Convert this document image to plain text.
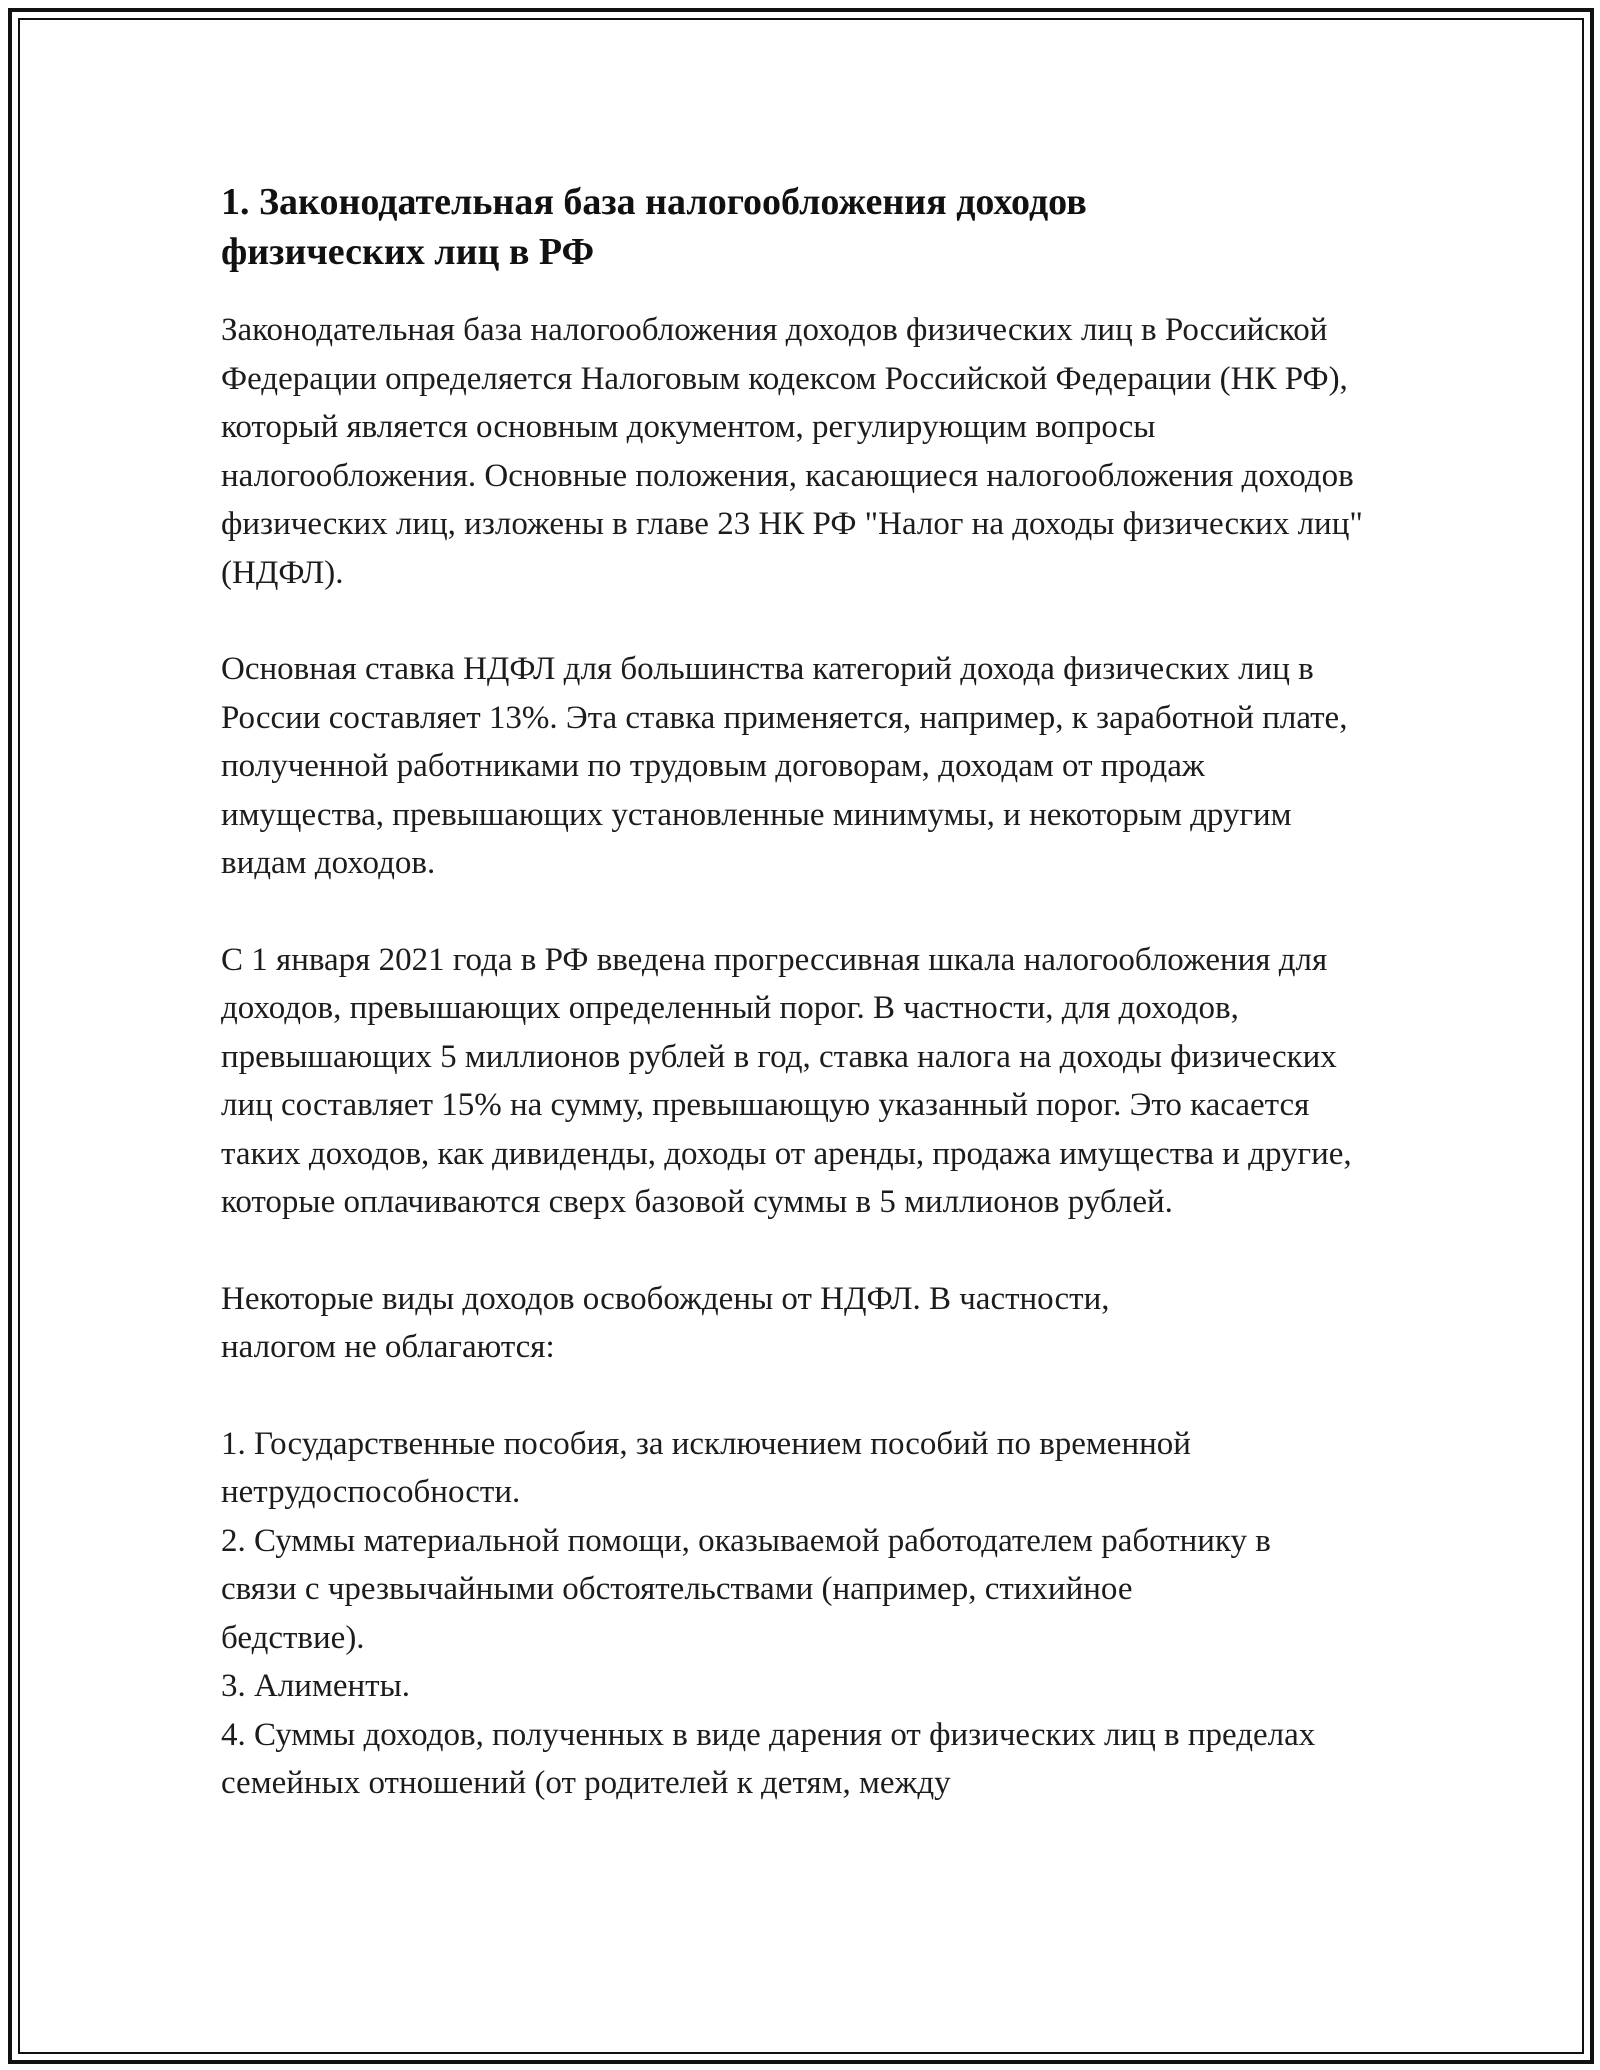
1. Законодательная база налогообложения доходов физических лиц в РФ

Законодательная база налогообложения доходов физических лиц в Российской Федерации определяется Налоговым кодексом Российской Федерации (НК РФ), который является основным документом, регулирующим вопросы налогообложения. Основные положения, касающиеся налогообложения доходов физических лиц, изложены в главе 23 НК РФ "Налог на доходы физических лиц" (НДФЛ).

Основная ставка НДФЛ для большинства категорий дохода физических лиц в России составляет 13%. Эта ставка применяется, например, к заработной плате, полученной работниками по трудовым договорам, доходам от продаж имущества, превышающих установленные минимумы, и некоторым другим видам доходов.

С 1 января 2021 года в РФ введена прогрессивная шкала налогообложения для доходов, превышающих определенный порог. В частности, для доходов, превышающих 5 миллионов рублей в год, ставка налога на доходы физических лиц составляет 15% на сумму, превышающую указанный порог. Это касается таких доходов, как дивиденды, доходы от аренды, продажа имущества и другие, которые оплачиваются сверх базовой суммы в 5 миллионов рублей.

Некоторые виды доходов освобождены от НДФЛ. В частности, налогом не облагаются:

1. Государственные пособия, за исключением пособий по временной нетрудоспособности.
2. Суммы материальной помощи, оказываемой работодателем работнику в связи с чрезвычайными обстоятельствами (например, стихийное бедствие).
3. Алименты.
4. Суммы доходов, полученных в виде дарения от физических лиц в пределах семейных отношений (от родителей к детям, между
